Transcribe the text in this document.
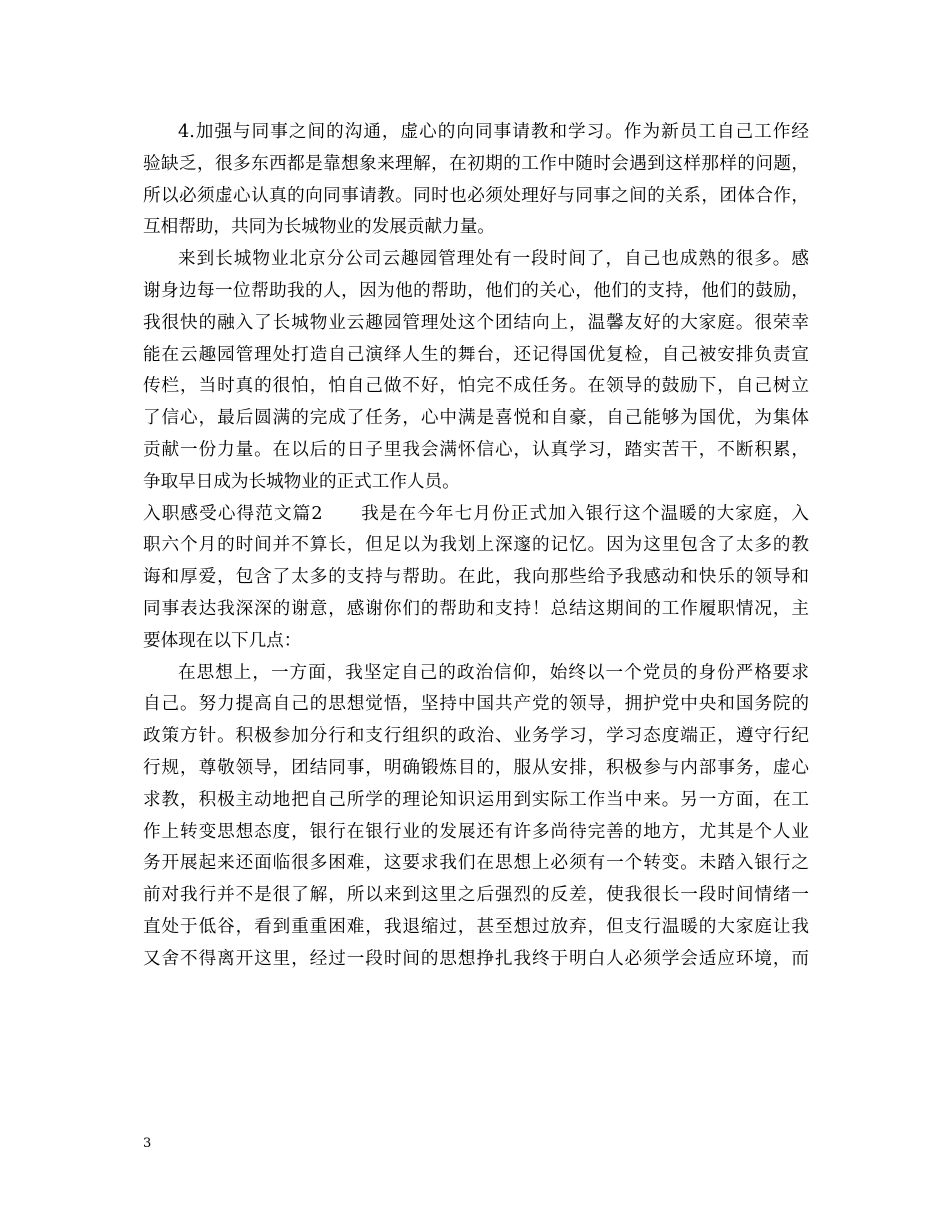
4.加强与同事之间的沟通，虚心的向同事请教和学习。作为新员工自己工作经
验缺乏，很多东西都是靠想象来理解，在初期的工作中随时会遇到这样那样的问题，
所以必须虚心认真的向同事请教。同时也必须处理好与同事之间的关系，团体合作，
互相帮助，共同为长城物业的发展贡献力量。
来到长城物业北京分公司云趣园管理处有一段时间了，自己也成熟的很多。感
谢身边每一位帮助我的人，因为他的帮助，他们的关心，他们的支持，他们的鼓励，
我很快的融入了长城物业云趣园管理处这个团结向上，温馨友好的大家庭。很荣幸
能在云趣园管理处打造自己演绎人生的舞台，还记得国优复检，自己被安排负责宣
传栏，当时真的很怕，怕自己做不好，怕完不成任务。在领导的鼓励下，自己树立
了信心，最后圆满的完成了任务，心中满是喜悦和自豪，自己能够为国优，为集体
贡献一份力量。在以后的日子里我会满怀信心，认真学习，踏实苦干，不断积累，
争取早日成为长城物业的正式工作人员。
入职感受心得范文篇2　　我是在今年七月份正式加入银行这个温暖的大家庭，入
职六个月的时间并不算长，但足以为我划上深邃的记忆。因为这里包含了太多的教
诲和厚爱，包含了太多的支持与帮助。在此，我向那些给予我感动和快乐的领导和
同事表达我深深的谢意，感谢你们的帮助和支持！总结这期间的工作履职情况，主
要体现在以下几点：
在思想上，一方面，我坚定自己的政治信仰，始终以一个党员的身份严格要求
自己。努力提高自己的思想觉悟，坚持中国共产党的领导，拥护党中央和国务院的
政策方针。积极参加分行和支行组织的政治、业务学习，学习态度端正，遵守行纪
行规，尊敬领导，团结同事，明确锻炼目的，服从安排，积极参与内部事务，虚心
求教，积极主动地把自己所学的理论知识运用到实际工作当中来。另一方面，在工
作上转变思想态度，银行在银行业的发展还有许多尚待完善的地方，尤其是个人业
务开展起来还面临很多困难，这要求我们在思想上必须有一个转变。未踏入银行之
前对我行并不是很了解，所以来到这里之后强烈的反差，使我很长一段时间情绪一
直处于低谷，看到重重困难，我退缩过，甚至想过放弃，但支行温暖的大家庭让我
又舍不得离开这里，经过一段时间的思想挣扎我终于明白人必须学会适应环境，而
3
